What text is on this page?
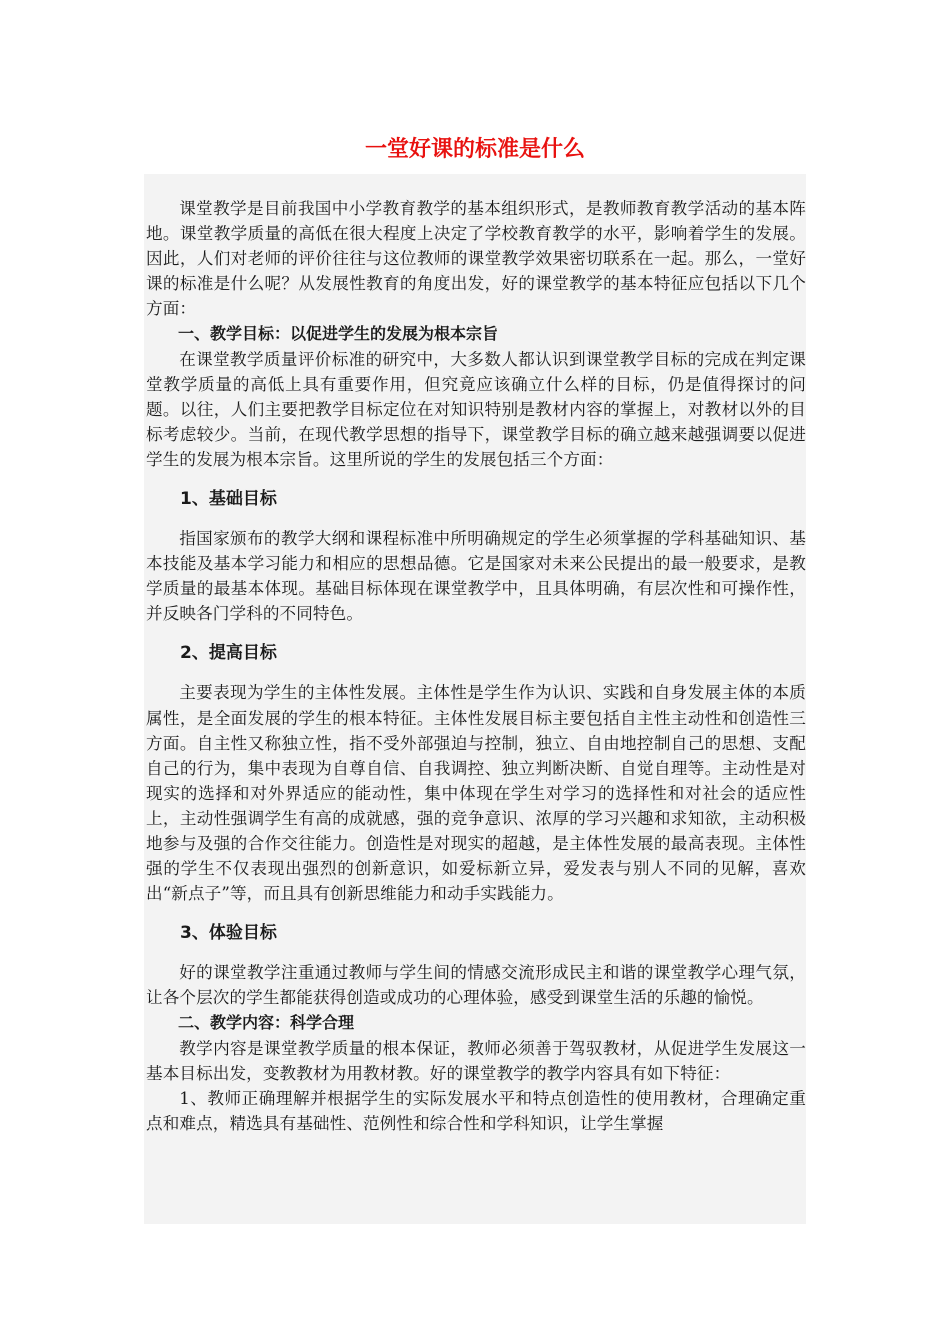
一堂好课的标准是什么

课堂教学是目前我国中小学教育教学的基本组织形式，是教师教育教学活动的基本阵地。课堂教学质量的高低在很大程度上决定了学校教育教学的水平，影响着学生的发展。因此，人们对老师的评价往往与这位教师的课堂教学效果密切联系在一起。那么，一堂好课的标准是什么呢？从发展性教育的角度出发，好的课堂教学的基本特征应包括以下几个方面：

一、教学目标：以促进学生的发展为根本宗旨

在课堂教学质量评价标准的研究中，大多数人都认识到课堂教学目标的完成在判定课堂教学质量的高低上具有重要作用，但究竟应该确立什么样的目标，仍是值得探讨的问题。以往，人们主要把教学目标定位在对知识特别是教材内容的掌握上，对教材以外的目标考虑较少。当前，在现代教学思想的指导下，课堂教学目标的确立越来越强调要以促进学生的发展为根本宗旨。这里所说的学生的发展包括三个方面：

1、基础目标

指国家颁布的教学大纲和课程标准中所明确规定的学生必须掌握的学科基础知识、基本技能及基本学习能力和相应的思想品德。它是国家对未来公民提出的最一般要求，是教学质量的最基本体现。基础目标体现在课堂教学中，且具体明确，有层次性和可操作性，并反映各门学科的不同特色。

2、提高目标

主要表现为学生的主体性发展。主体性是学生作为认识、实践和自身发展主体的本质属性，是全面发展的学生的根本特征。主体性发展目标主要包括自主性主动性和创造性三方面。自主性又称独立性，指不受外部强迫与控制，独立、自由地控制自己的思想、支配自己的行为，集中表现为自尊自信、自我调控、独立判断决断、自觉自理等。主动性是对现实的选择和对外界适应的能动性，集中体现在学生对学习的选择性和对社会的适应性上，主动性强调学生有高的成就感，强的竞争意识、浓厚的学习兴趣和求知欲，主动积极地参与及强的合作交往能力。创造性是对现实的超越，是主体性发展的最高表现。主体性强的学生不仅表现出强烈的创新意识，如爱标新立异，爱发表与别人不同的见解，喜欢出“新点子”等，而且具有创新思维能力和动手实践能力。

3、体验目标

好的课堂教学注重通过教师与学生间的情感交流形成民主和谐的课堂教学心理气氛，让各个层次的学生都能获得创造或成功的心理体验，感受到课堂生活的乐趣的愉悦。

二、教学内容：科学合理

教学内容是课堂教学质量的根本保证，教师必须善于驾驭教材，从促进学生发展这一基本目标出发，变教教材为用教材教。好的课堂教学的教学内容具有如下特征：

1、教师正确理解并根据学生的实际发展水平和特点创造性的使用教材，合理确定重点和难点，精选具有基础性、范例性和综合性和学科知识，让学生掌握
